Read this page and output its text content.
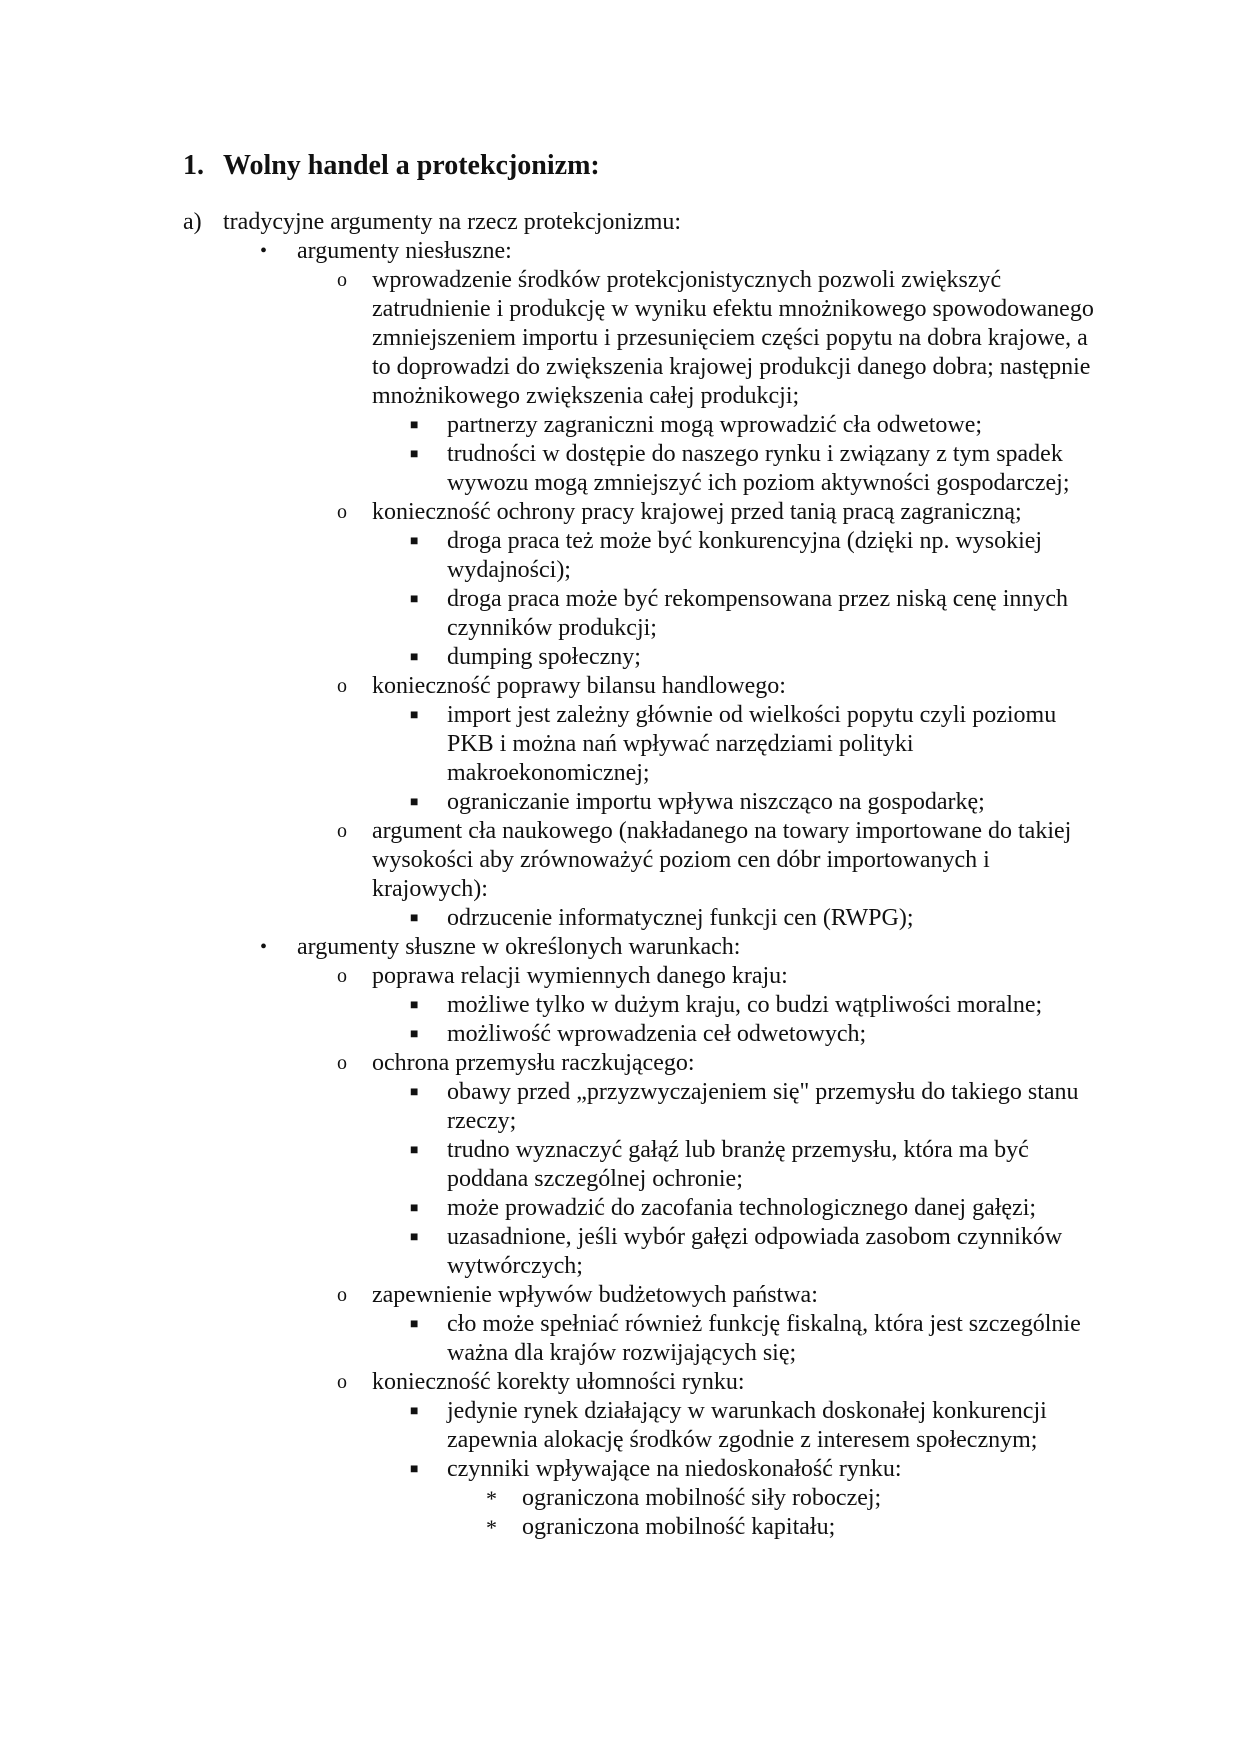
1. Wolny handel a protekcjonizm:
a) tradycyjne argumenty na rzecz protekcjonizmu:
• argumenty niesłuszne:
o wprowadzenie środków protekcjonistycznych pozwoli zwiększyć zatrudnienie i produkcję w wyniku efektu mnożnikowego spowodowanego zmniejszeniem importu i przesunięciem części popytu na dobra krajowe, a to doprowadzi do zwiększenia krajowej produkcji danego dobra; następnie mnożnikowego zwiększenia całej produkcji;
■ partnerzy zagraniczni mogą wprowadzić cła odwetowe;
■ trudności w dostępie do naszego rynku i związany z tym spadek wywozu mogą zmniejszyć ich poziom aktywności gospodarczej;
o konieczność ochrony pracy krajowej przed tanią pracą zagraniczną;
■ droga praca też może być konkurencyjna (dzięki np. wysokiej wydajności);
■ droga praca może być rekompensowana przez niską cenę innych czynników produkcji;
■ dumping społeczny;
o konieczność poprawy bilansu handlowego:
■ import jest zależny głównie od wielkości popytu czyli poziomu PKB i można nań wpływać narzędziami polityki makroekonomicznej;
■ ograniczanie importu wpływa niszcząco na gospodarkę;
o argument cła naukowego (nakładanego na towary importowane do takiej wysokości aby zrównoważyć poziom cen dóbr importowanych i krajowych):
■ odrzucenie informatycznej funkcji cen (RWPG);
• argumenty słuszne w określonych warunkach:
o poprawa relacji wymiennych danego kraju:
■ możliwe tylko w dużym kraju, co budzi wątpliwości moralne;
■ możliwość wprowadzenia ceł odwetowych;
o ochrona przemysłu raczkującego:
■ obawy przed „przyzwyczajeniem się" przemysłu do takiego stanu rzeczy;
■ trudno wyznaczyć gałąź lub branżę przemysłu, która ma być poddana szczególnej ochronie;
■ może prowadzić do zacofania technologicznego danej gałęzi;
■ uzasadnione, jeśli wybór gałęzi odpowiada zasobom czynników wytwórczych;
o zapewnienie wpływów budżetowych państwa:
■ cło może spełniać również funkcję fiskalną, która jest szczególnie ważna dla krajów rozwijających się;
o konieczność korekty ułomności rynku:
■ jedynie rynek działający w warunkach doskonałej konkurencji zapewnia alokację środków zgodnie z interesem społecznym;
■ czynniki wpływające na niedoskonałość rynku:
* ograniczona mobilność siły roboczej;
* ograniczona mobilność kapitału;
